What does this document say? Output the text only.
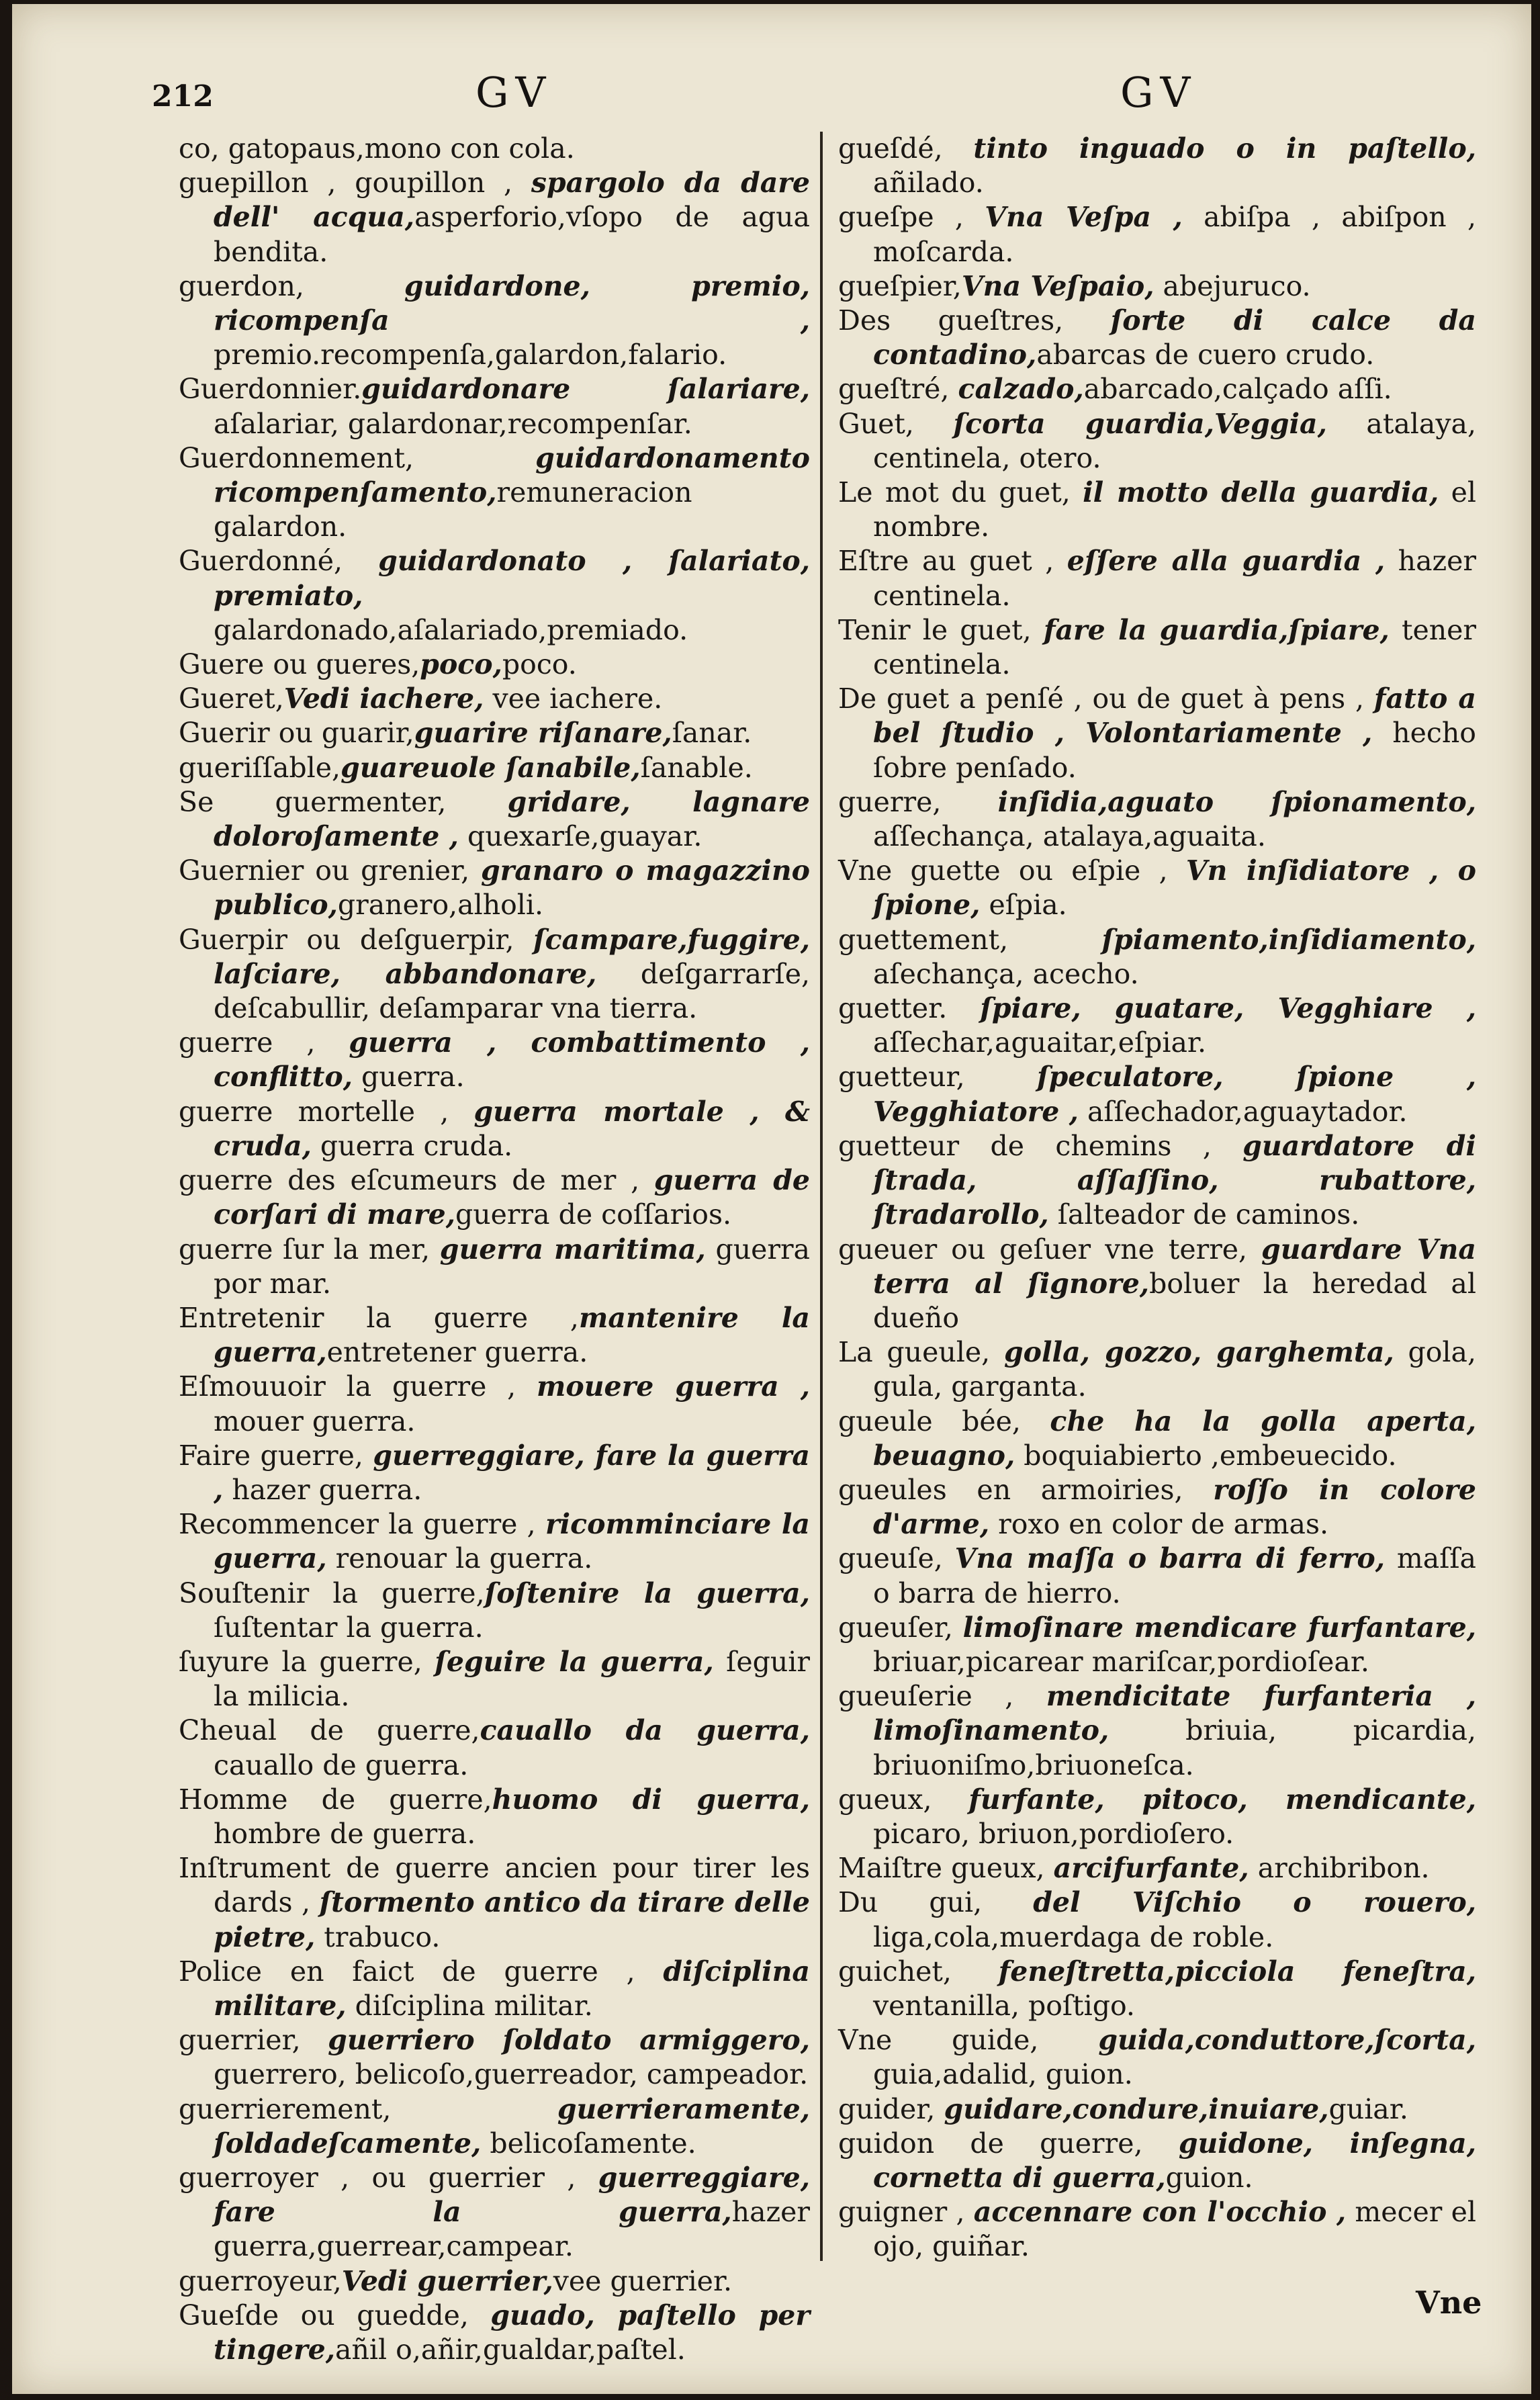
212	GV	GV
co, gatopaus,mono con cola.
guepillon , goupillon , spargolo da dare dell' acqua,asperforio,vſopo de agua bendita.
guerdon, guidardone, premio, ricompenſa , premio.recompenſa,galardon,falario.
Guerdonnier.guidardonare ſalariare, aſalariar, galardonar,recompenſar.
Guerdonnement, guidardonamento ricompenſamento,remuneracion galardon.
Guerdonné, guidardonato , ſalariato, premiato, galardonado,aſalariado,premiado.
Guere ou gueres,poco,poco.
Gueret,Vedi iachere, vee iachere.
Guerir ou guarir,guarire riſanare,ſanar.
gueriſſable,guareuole ſanabile,ſanable.
Se guermenter, gridare, lagnare doloroſamente , quexarſe,guayar.
Guernier ou grenier, granaro o magazzino publico,granero,alholi.
Guerpir ou deſguerpir, ſcampare,fuggire, laſciare, abbandonare, deſgarrarſe, deſcabullir, deſamparar vna tierra.
guerre , guerra , combattimento , conflitto, guerra.
guerre mortelle , guerra mortale , & cruda, guerra cruda.
guerre des eſcumeurs de mer , guerra de corſari di mare,guerra de coſſarios.
guerre ſur la mer, guerra maritima, guerra por mar.
Entretenir la guerre ,mantenire la guerra,entretener guerra.
Eſmouuoir la guerre , mouere guerra , mouer guerra.
Faire guerre, guerreggiare, fare la guerra , hazer guerra.
Recommencer la guerre , ricomminciare la guerra, renouar la guerra.
Souſtenir la guerre,ſoſtenire la guerra, ſuſtentar la guerra.
ſuyure la guerre, ſeguire la guerra, ſeguir la milicia.
Cheual de guerre,cauallo da guerra, cauallo de guerra.
Homme de guerre,huomo di guerra, hombre de guerra.
Inſtrument de guerre ancien pour tirer les dards , ſtormento antico da tirare delle pietre, trabuco.
Police en faict de guerre , diſciplina militare, diſciplina militar.
guerrier, guerriero ſoldato armiggero, guerrero, belicoſo,guerreador, campeador.
guerrierement, guerrieramente, ſoldadeſcamente, belicoſamente.
guerroyer , ou guerrier , guerreggiare, fare la guerra,hazer guerra,guerrear,campear.
guerroyeur,Vedi guerrier,vee guerrier.
Gueſde ou guedde, guado, paſtello per tingere,añil o,añir,gualdar,paſtel.
gueſdé, tinto inguado o in paſtello, añilado.
gueſpe , Vna Veſpa , abiſpa , abiſpon , moſcarda.
gueſpier,Vna Veſpaio, abejuruco.
Des gueſtres, ſorte di calce da contadino,abarcas de cuero crudo.
gueſtré, calzado,abarcado,calçado aſſi.
Guet, ſcorta guardia,Veggia, atalaya, centinela, otero.
Le mot du guet, il motto della guardia, el nombre.
Eſtre au guet , eſſere alla guardia , hazer centinela.
Tenir le guet, fare la guardia,ſpiare, tener centinela.
De guet a penſé , ou de guet à pens , fatto a bel ſtudio , Volontariamente , hecho ſobre penſado.
guerre, inſidia,aguato ſpionamento, aſſechança, atalaya,aguaita.
Vne guette ou eſpie , Vn inſidiatore , o ſpione, eſpia.
guettement, ſpiamento,inſidiamento, aſechança, acecho.
guetter. ſpiare, guatare, Vegghiare , aſſechar,aguaitar,eſpiar.
guetteur, ſpeculatore, ſpione , Vegghiatore , aſſechador,aguaytador.
guetteur de chemins , guardatore di ſtrada, aſſaſſino, rubattore, ſtradarollo, ſalteador de caminos.
gueuer ou geſuer vne terre, guardare Vna terra al ſignore,boluer la heredad al dueño
La gueule, golla, gozzo, gargheтta, gola, gula, garganta.
gueule bée, che ha la golla aperta, beuagno, boquiabierto ,embeuecido.
gueules en armoiries, roſſo in colore d'arme, roxo en color de armas.
gueuſe, Vna maſſa o barra di ferro, maſſa o barra de hierro.
gueuſer, limoſinare mendicare furfantare, briuar,picarear mariſcar,pordioſear.
gueuſerie , mendicitate furfanteria , limoſinamento, briuia, picardia, briuoniſmo,briuoneſca.
gueux, furfante, pitoco, mendicante, picaro, briuon,pordioſero.
Maiſtre gueux, arcifurfante, archibribon.
Du gui, del Viſchio o rouero, liga,cola,muerdaga de roble.
guichet, feneſtretta,picciola feneſtra, ventanilla, poſtigo.
Vne guide, guida,conduttore,ſcorta, guia,adalid, guion.
guider, guidare,condure,inuiare,guiar.
guidon de guerre, guidone, inſegna, cornetta di guerra,guion.
guigner , accennare con l'occhio , mecer el ojo, guiñar.
Vne
